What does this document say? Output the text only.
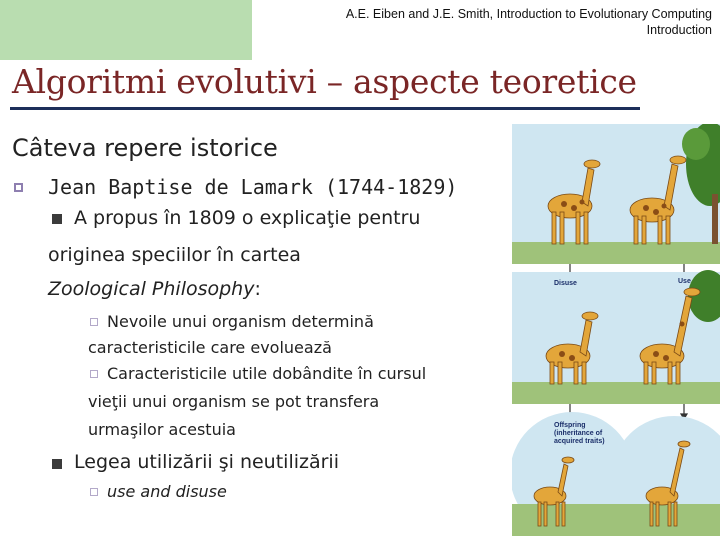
A.E. Eiben and J.E. Smith, Introduction to Evolutionary Computing
Introduction
Algoritmi evolutivi – aspecte teoretice
Câteva repere istorice
Jean Baptise de Lamark (1744-1829)
A propus în 1809 o explicaţie pentru
originea speciilor în cartea
Zoological Philosophy:
Nevoile unui organism determină
caracteristicile care evoluează
Caracteristicile utile dobândite în cursul
vieţii unui organism se pot transfera
urmaşilor acestuia
Legea utilizării şi neutilizării
use and disuse
Disuse	Use
Offspring
(inheritance of
acquired traits)
